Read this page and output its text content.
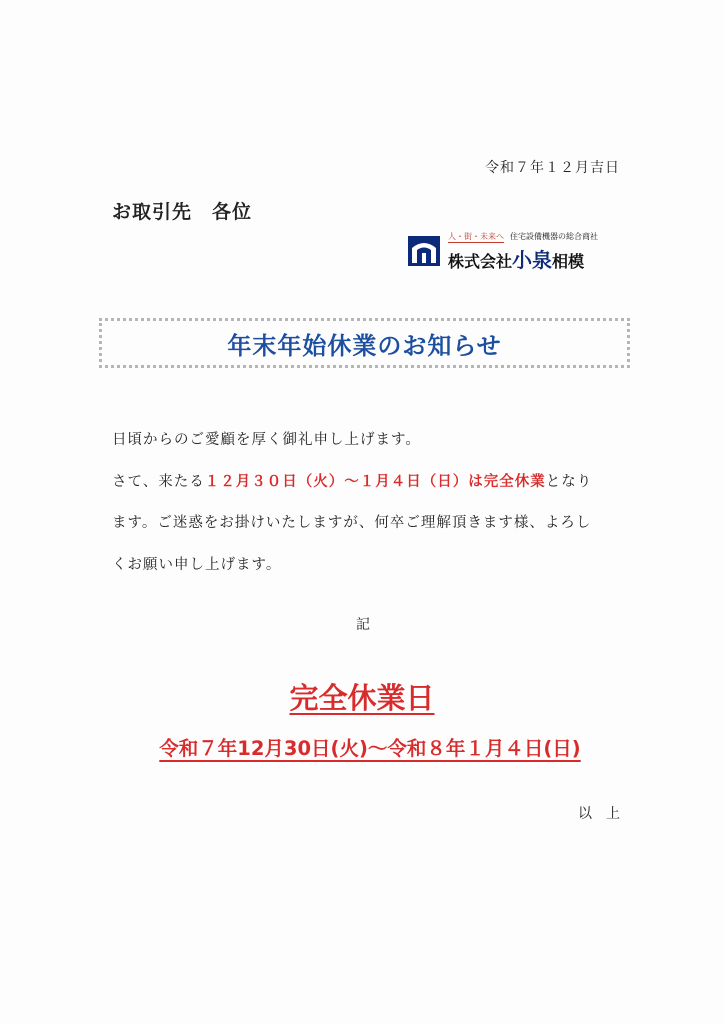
令和７年１２月吉日
お取引先　各位
人・街・未来へ 住宅設備機器の総合商社
株式会社小泉相模
年末年始休業のお知らせ

日頃からのご愛顧を厚く御礼申し上げます。

さて、来たる１２月３０日（火）～１月４日（日）は完全休業となり

ます。ご迷惑をお掛けいたしますが、何卒ご理解頂きます様、よろし

くお願い申し上げます。

記
完全休業日
令和７年12月30日(火)～令和８年１月４日(日)
以　上
